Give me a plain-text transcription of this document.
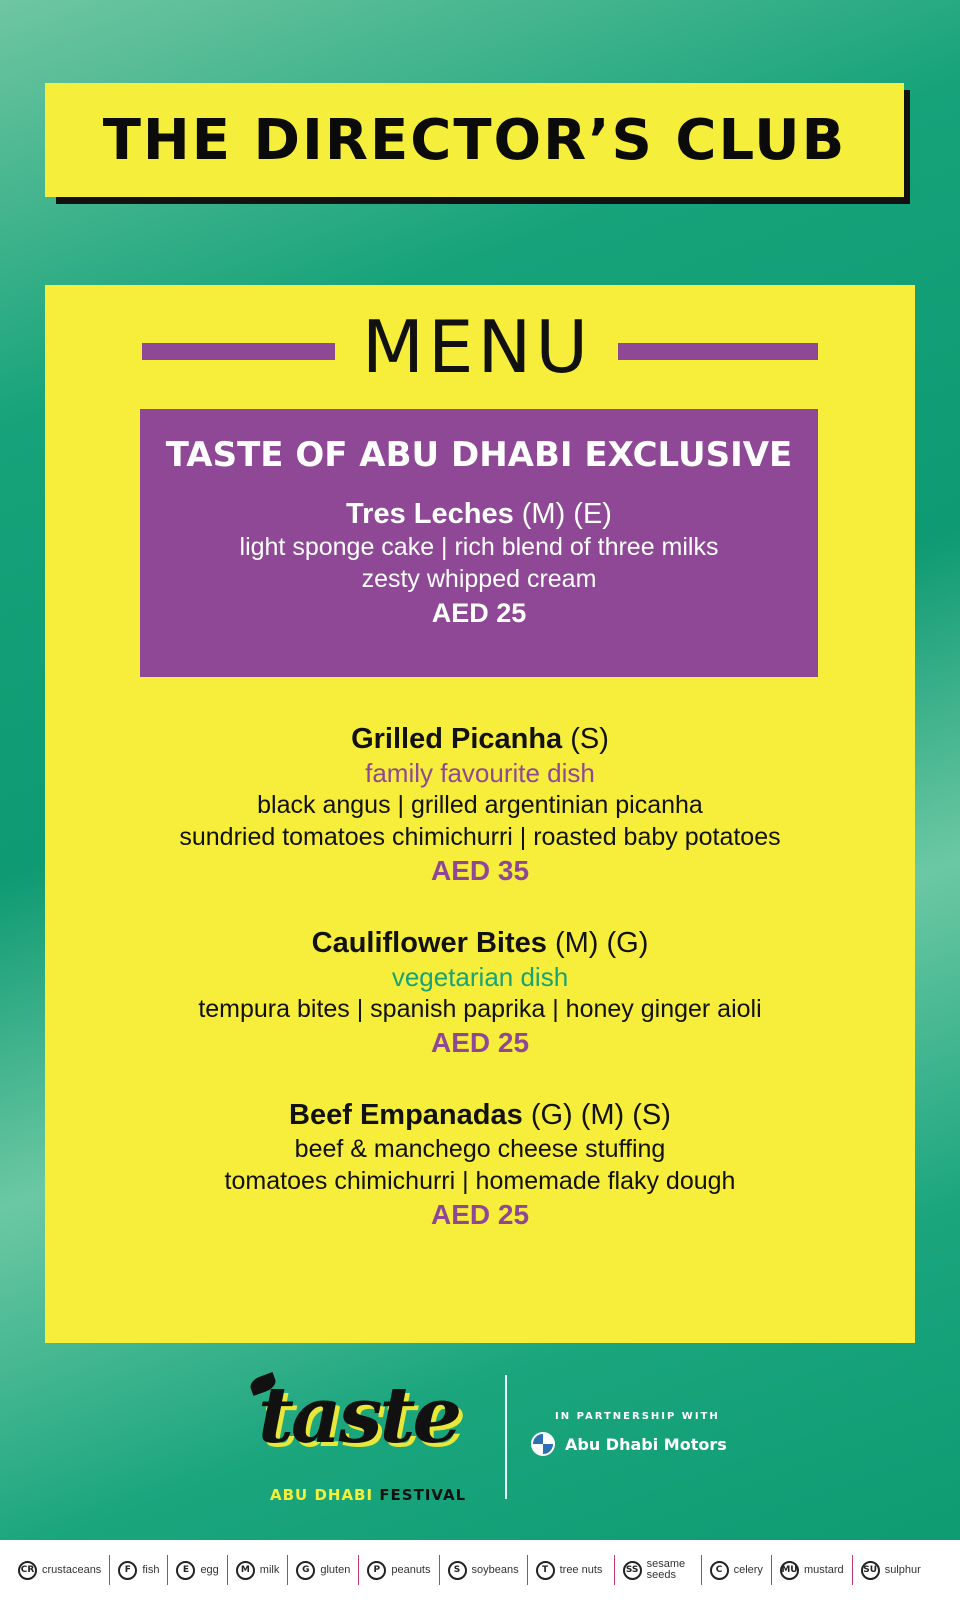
THE DIRECTOR’S CLUB
MENU
TASTE OF ABU DHABI EXCLUSIVE
Tres Leches (M) (E)
light sponge cake | rich blend of three milks
zesty whipped cream
AED 25
Grilled Picanha (S)
family favourite dish
black angus | grilled argentinian picanha
sundried tomatoes chimichurri | roasted baby potatoes
AED 35
Cauliflower Bites (M) (G)
vegetarian dish
tempura bites | spanish paprika | honey ginger aioli
AED 25
Beef Empanadas (G) (M) (S)
beef & manchego cheese stuffing
tomatoes chimichurri | homemade flaky dough
AED 25
taste
ABU DHABI FESTIVAL
IN PARTNERSHIP WITH
Abu Dhabi Motors
CR crustaceans	F	fish	E	egg	M milk	G gluten	P	peanuts	S	soybeans	T	tree nuts	SS sesame seeds	C	celery MU mustard SU sulphur
